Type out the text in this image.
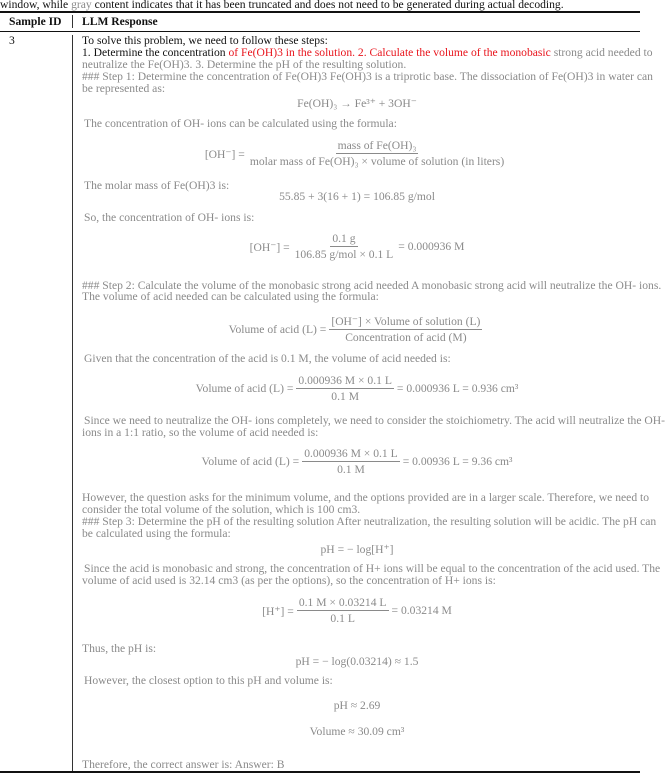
window, while gray content indicates that it has been truncated and does not need to be generated during actual decoding.
Sample ID LLM Response
3	To solve this problem, we need to follow these steps:
1. Determine the concentration of Fe(OH)3 in the solution. 2. Calculate the volume of the monobasic strong acid needed to
neutralize the Fe(OH)3. 3. Determine the pH of the resulting solution.
### Step 1: Determine the concentration of Fe(OH)3 Fe(OH)3 is a triprotic base. The dissociation of Fe(OH)3 in water can
be represented as:
Fe(OH)₃ → Fe³⁺ + 3OH⁻
The concentration of OH- ions can be calculated using the formula:
$[OH^-] = \frac{\text{mass of Fe(OH)₃}}{\text{molar mass of Fe(OH)₃ × volume of solution (in liters)}}$
The molar mass of Fe(OH)3 is:
55.85 + 3(16 + 1) = 106.85 g/mol
So, the concentration of OH- ions is:
$[OH^-] = \frac{0.1 g}{\text{106.85 g/mol × 0.1 L}} = 0.000936$ M
### Step 2: Calculate the volume of the monobasic strong acid needed A monobasic strong acid will neutralize the OH- ions.
The volume of acid needed can be calculated using the formula:
Volume of acid $(L) = \frac{\text{[OH⁻] × Volume of solution (L)}}{\text{Concentration of acid (M)}}$
Given that the concentration of the acid is 0.1 M, the volume of acid needed is:
Volume of acid $(L) = \frac{0.000936 M \times 0.1 L}{0.1 M} = 0.000936$ L = 0.936 cm³
Since we need to neutralize the OH- ions completely, we need to consider the stoichiometry. The acid will neutralize the OH-
ions in a 1:1 ratio, so the volume of acid needed is:
Volume of acid $(L) = \frac{0.000936 M \times 0.1 L}{0.1 M} = 0.00936$ L = 9.36 cm³
However, the question asks for the minimum volume, and the options provided are in a larger scale. Therefore, we need to
consider the total volume of the solution, which is 100 cm3.
### Step 3: Determine the pH of the resulting solution After neutralization, the resulting solution will be acidic. The pH can
be calculated using the formula:
pH = − log[H⁺]
Since the acid is monobasic and strong, the concentration of H+ ions will be equal to the concentration of the acid used. The
volume of acid used is 32.14 cm3 (as per the options), so the concentration of H+ ions is:
$[H^+] = \frac{0.1 M \times 0.03214 L}{0.1 L} = 0.03214$ M
Thus, the pH is:
pH = − log(0.03214) ≈ 1.5
However, the closest option to this pH and volume is:
pH ≈ 2.69
Volume ≈ 30.09 cm³
Therefore, the correct answer is: Answer: B
